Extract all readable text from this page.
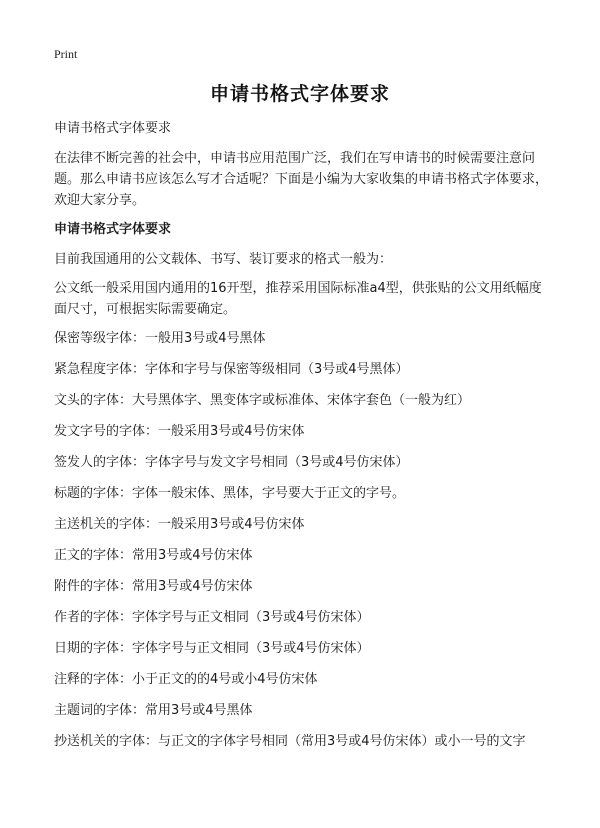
Print
申请书格式字体要求

申请书格式字体要求

在法律不断完善的社会中，申请书应用范围广泛，我们在写申请书的时候需要注意问题。那么申请书应该怎么写才合适呢？下面是小编为大家收集的申请书格式字体要求，欢迎大家分享。

申请书格式字体要求

目前我国通用的公文载体、书写、装订要求的格式一般为：

公文纸一般采用国内通用的16开型，推荐采用国际标准a4型，供张贴的公文用纸幅度面尺寸，可根据实际需要确定。

保密等级字体：一般用3号或4号黑体
紧急程度字体：字体和字号与保密等级相同（3号或4号黑体）
文头的字体：大号黑体字、黑变体字或标准体、宋体字套色（一般为红）
发文字号的字体：一般采用3号或4号仿宋体
签发人的字体：字体字号与发文字号相同（3号或4号仿宋体）
标题的字体：字体一般宋体、黑体，字号要大于正文的字号。
主送机关的字体：一般采用3号或4号仿宋体
正文的字体：常用3号或4号仿宋体
附件的字体：常用3号或4号仿宋体
作者的字体：字体字号与正文相同（3号或4号仿宋体）
日期的字体：字体字号与正文相同（3号或4号仿宋体）
注释的字体：小于正文的的4号或小4号仿宋体
主题词的字体：常用3号或4号黑体
抄送机关的字体：与正文的字体字号相同（常用3号或4号仿宋体）或小一号的文字
